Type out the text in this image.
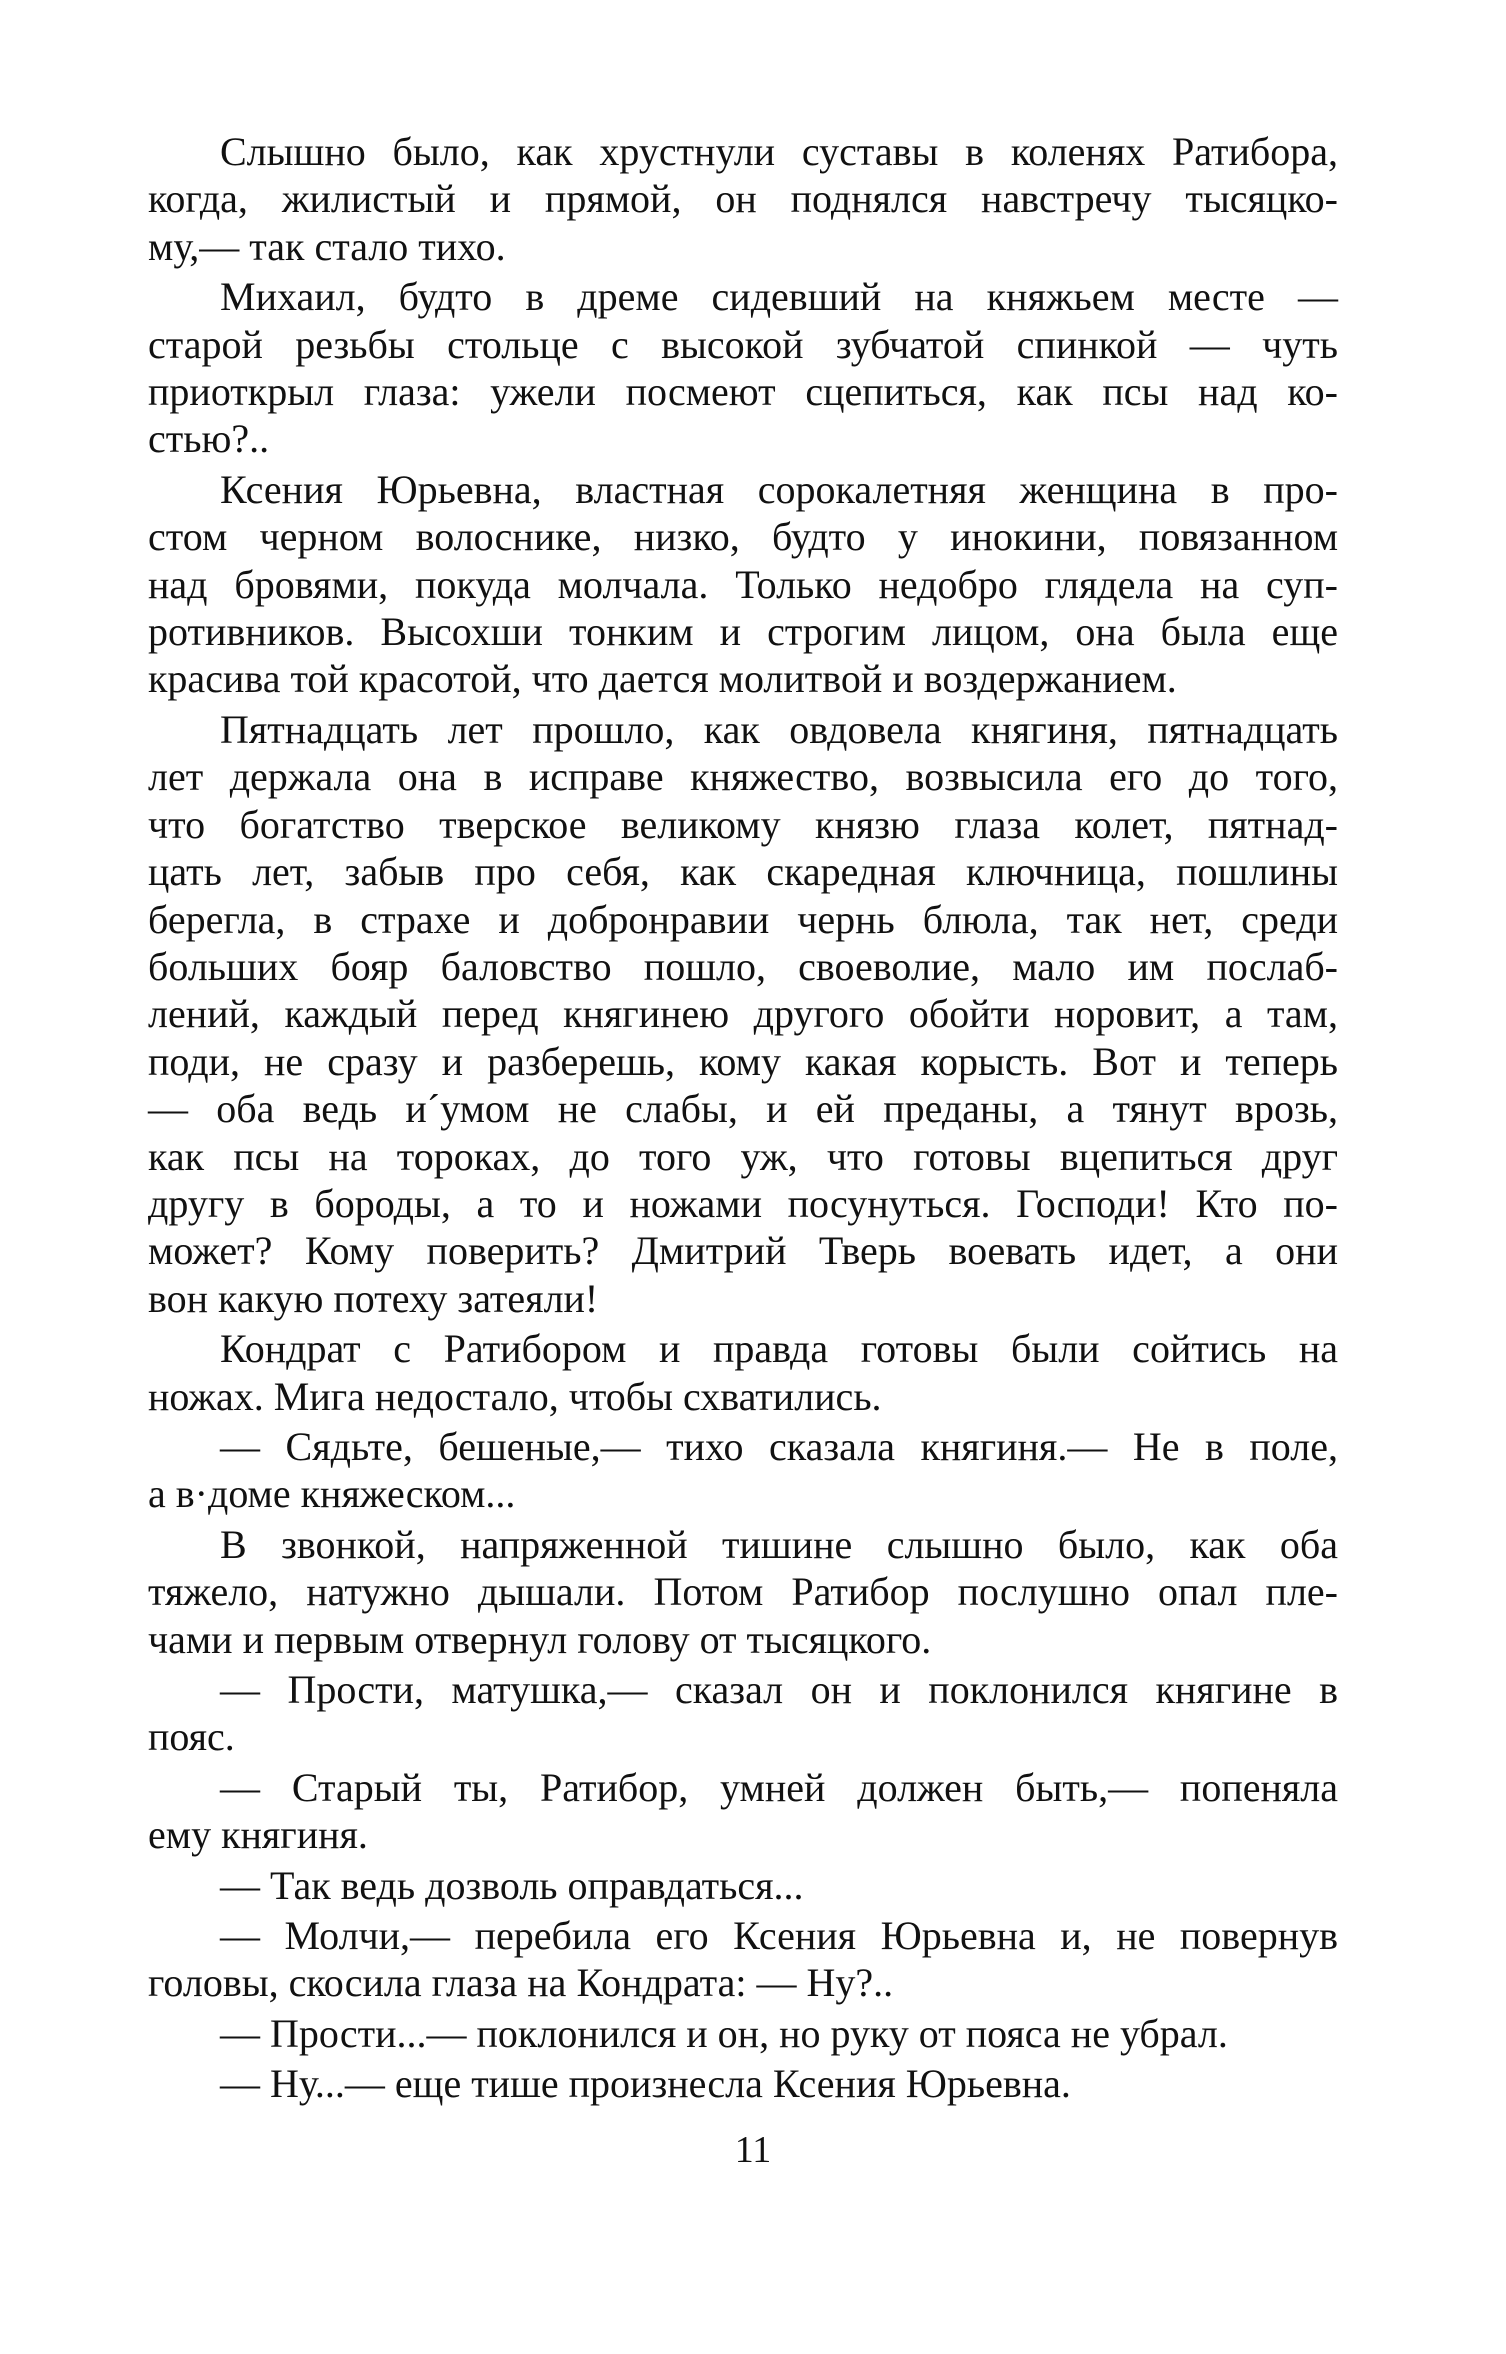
Слышно было, как хрустнули суставы в коленях Ратибора,
когда, жилистый и прямой, он поднялся навстречу тысяцко-
му,— так стало тихо.
Михаил, будто в дреме сидевший на княжьем месте —
старой резьбы стольце с высокой зубчатой спинкой — чуть
приоткрыл глаза: ужели посмеют сцепиться, как псы над ко-
стью?..
Ксения Юрьевна, властная сорокалетняя женщина в про-
стом черном волоснике, низко, будто у инокини, повязанном
над бровями, покуда молчала. Только недобро глядела на суп-
ротивников. Высохши тонким и строгим лицом, она была еще
красива той красотой, что дается молитвой и воздержанием.
Пятнадцать лет прошло, как овдовела княгиня, пятнадцать
лет держала она в исправе княжество, возвысила его до того,
что богатство тверское великому князю глаза колет, пятнад-
цать лет, забыв про себя, как скаредная ключница, пошлины
берегла, в страхе и добронравии чернь блюла, так нет, среди
больших бояр баловство пошло, своеволие, мало им послаб-
лений, каждый перед княгинею другого обойти норовит, а там,
поди, не сразу и разберешь, кому какая корысть. Вот и теперь
— оба ведь и´умом не слабы, и ей преданы, а тянут врозь,
как псы на тороках, до того уж, что готовы вцепиться друг
другу в бороды, а то и ножами посунуться. Господи! Кто по-
может? Кому поверить? Дмитрий Тверь воевать идет, а они
вон какую потеху затеяли!
Кондрат с Ратибором и правда готовы были сойтись на
ножах. Мига недостало, чтобы схватились.
— Сядьте, бешеные,— тихо сказала княгиня.— Не в поле,
а в·доме княжеском...
В звонкой, напряженной тишине слышно было, как оба
тяжело, натужно дышали. Потом Ратибор послушно опал пле-
чами и первым отвернул голову от тысяцкого.
— Прости, матушка,— сказал он и поклонился княгине в
пояс.
— Старый ты, Ратибор, умней должен быть,— попеняла
ему княгиня.
— Так ведь дозволь оправдаться...
— Молчи,— перебила его Ксения Юрьевна и, не повернув
головы, скосила глаза на Кондрата: — Ну?..
— Прости...— поклонился и он, но руку от пояса не убрал.
— Ну...— еще тише произнесла Ксения Юрьевна.
11
